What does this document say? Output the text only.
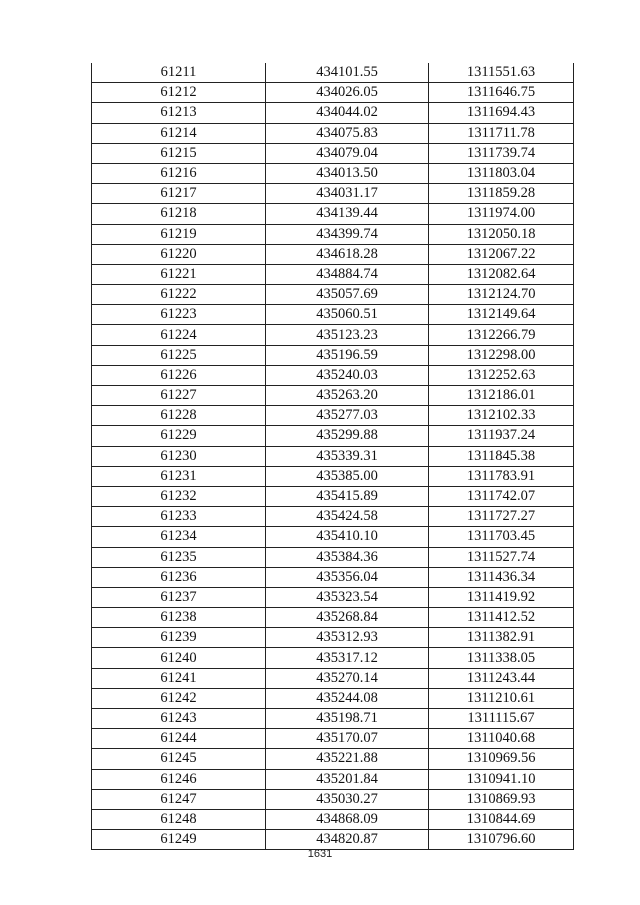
61211	434101.55	1311551.63
61212	434026.05	1311646.75
61213	434044.02	1311694.43
61214	434075.83	1311711.78
61215	434079.04	1311739.74
61216	434013.50	1311803.04
61217	434031.17	1311859.28
61218	434139.44	1311974.00
61219	434399.74	1312050.18
61220	434618.28	1312067.22
61221	434884.74	1312082.64
61222	435057.69	1312124.70
61223	435060.51	1312149.64
61224	435123.23	1312266.79
61225	435196.59	1312298.00
61226	435240.03	1312252.63
61227	435263.20	1312186.01
61228	435277.03	1312102.33
61229	435299.88	1311937.24
61230	435339.31	1311845.38
61231	435385.00	1311783.91
61232	435415.89	1311742.07
61233	435424.58	1311727.27
61234	435410.10	1311703.45
61235	435384.36	1311527.74
61236	435356.04	1311436.34
61237	435323.54	1311419.92
61238	435268.84	1311412.52
61239	435312.93	1311382.91
61240	435317.12	1311338.05
61241	435270.14	1311243.44
61242	435244.08	1311210.61
61243	435198.71	1311115.67
61244	435170.07	1311040.68
61245	435221.88	1310969.56
61246	435201.84	1310941.10
61247	435030.27	1310869.93
61248	434868.09	1310844.69
61249	434820.87	1310796.60
1631
